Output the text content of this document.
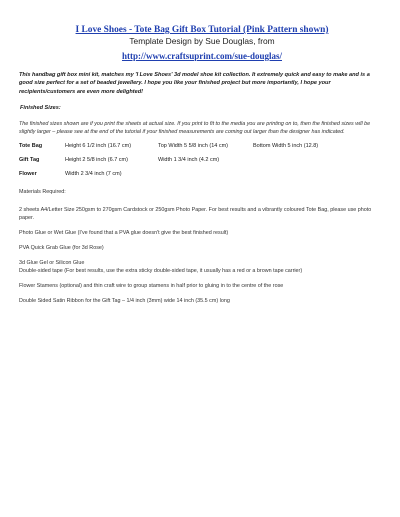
I Love Shoes - Tote Bag Gift Box Tutorial (Pink Pattern shown)
Template Design by Sue Douglas, from
http://www.craftsuprint.com/sue-douglas/
This handbag gift box mini kit, matches my 'I Love Shoes' 3d model shoe kit collection. It extremely quick and easy to make and is a good size perfect for a set of beaded jewellery. I hope you like your finished project but more importantly, I hope your recipients/customers are even more delighted!
Finished Sizes:
The finished sizes shown are if you print the sheets at actual size. If you print to fit to the media you are printing on to, then the finished sizes will be slightly larger – please see at the end of the tutorial if your finished measurements are coming out larger than the designer has indicated.
Tote Bag	Height 6 1/2 inch (16.7 cm)	Top Width 5 5/8 inch (14 cm)	Bottom Width 5 inch (12.8)
Gift Tag	Height 2 5/8 inch (6.7 cm)	Width 1 3/4 inch (4.2 cm)
Flower	Width 2 3/4 inch (7 cm)
Materials Required:
2 sheets A4/Letter Size 250gsm to 270gsm Cardstock or 250gsm Photo Paper. For best results and a vibrantly coloured Tote Bag, please use photo paper.
Photo Glue or Wet Glue (I've found that a PVA glue doesn't give the best finished result)
PVA Quick Grab Glue (for 3d Rose)
3d Glue Gel or Silicon Glue
Double-sided tape (For best results, use the extra sticky double-sided tape, it usually has a red or a brown tape carrier)
Flower Stamens (optional) and thin craft wire to group stamens in half prior to gluing in to the centre of the rose
Double Sided Satin Ribbon for the Gift Tag – 1/4 inch (3mm) wide 14 inch (35.5 cm) long
